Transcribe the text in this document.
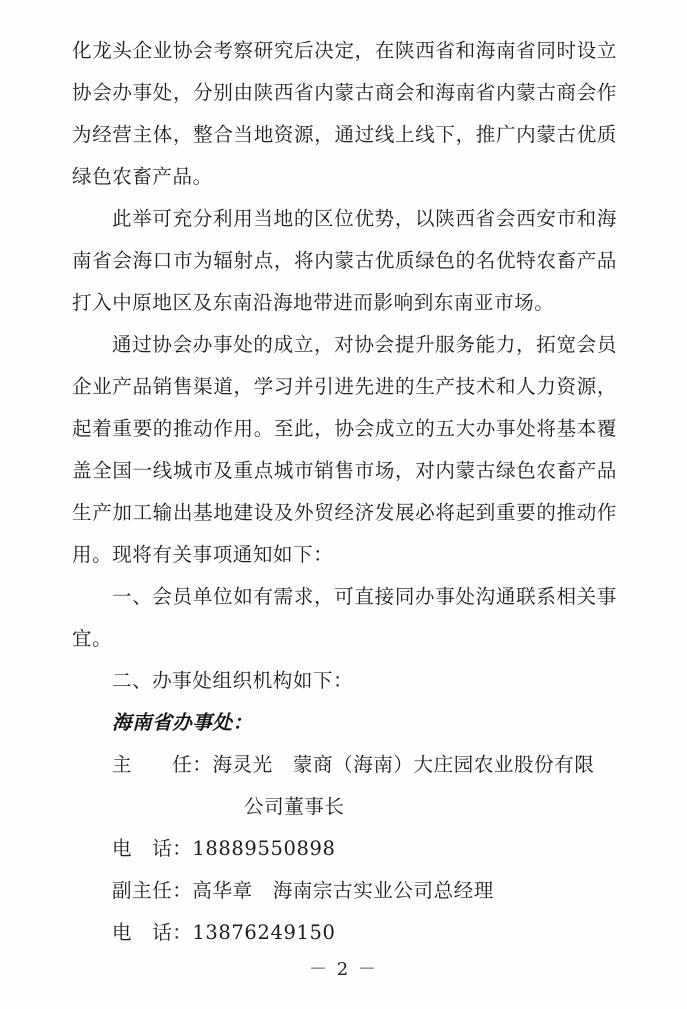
化龙头企业协会考察研究后决定，在陕西省和海南省同时设立协会办事处，分别由陕西省内蒙古商会和海南省内蒙古商会作为经营主体，整合当地资源，通过线上线下，推广内蒙古优质绿色农畜产品。

此举可充分利用当地的区位优势，以陕西省会西安市和海南省会海口市为辐射点，将内蒙古优质绿色的名优特农畜产品打入中原地区及东南沿海地带进而影响到东南亚市场。

通过协会办事处的成立，对协会提升服务能力，拓宽会员企业产品销售渠道，学习并引进先进的生产技术和人力资源，起着重要的推动作用。至此，协会成立的五大办事处将基本覆盖全国一线城市及重点城市销售市场，对内蒙古绿色农畜产品生产加工输出基地建设及外贸经济发展必将起到重要的推动作用。现将有关事项通知如下：

一、会员单位如有需求，可直接同办事处沟通联系相关事宜。

二、办事处组织机构如下：

海南省办事处：

主　　任：海灵光　蒙商（海南）大庄园农业股份有限

公司董事长

电　话：18889550898

副主任：高华章　海南宗古实业公司总经理

电　话：13876249150

－ 2 －
